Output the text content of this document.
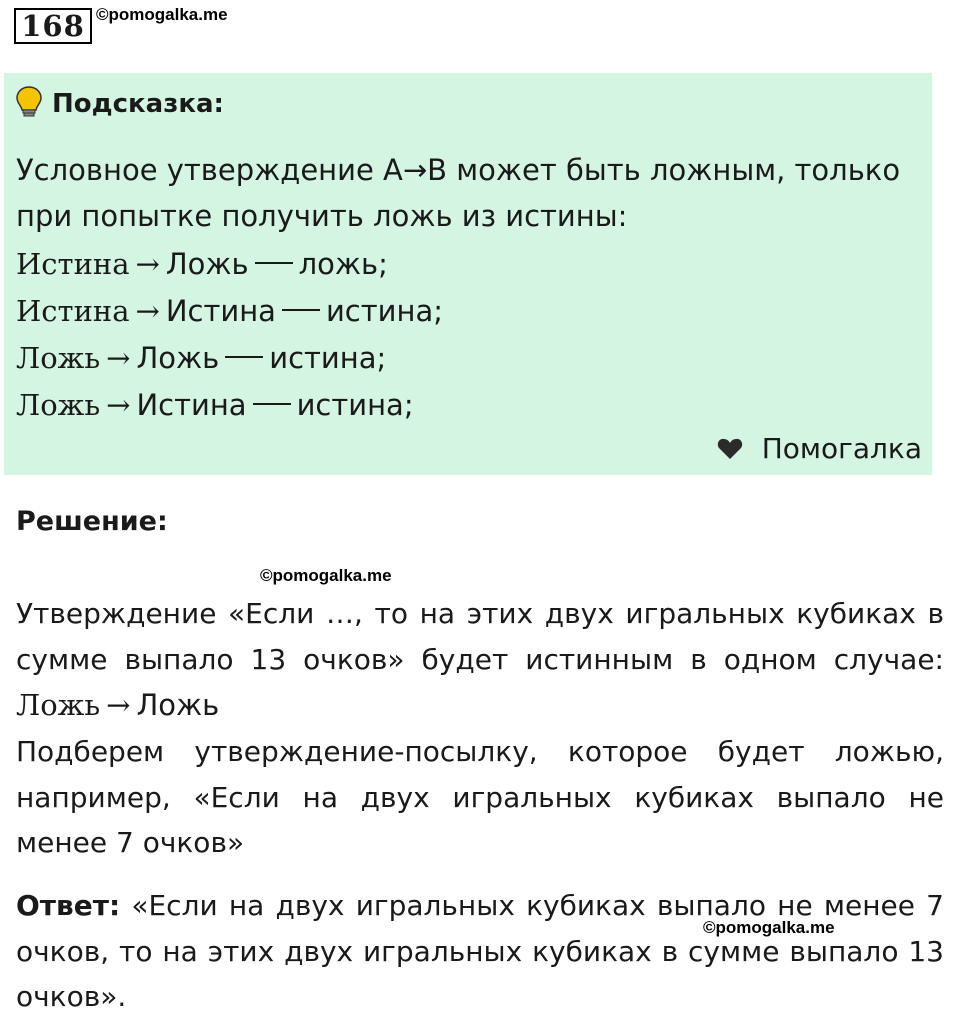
168 ©pomogalka.me
Подсказка:
Условное утверждение А→В может быть ложным, только
при попытке получить ложь из истины:
Истина → Ложь ложь;
Истина → Истина истина;
Ложь → Ложь истина;
Ложь → Истина истина;
Помогалка
Решение:
©pomogalka.me
Утверждение «Если …, то на этих двух игральных кубиках в
сумме выпало 13 очков» будет истинным в одном случае:
Ложь → Ложь
Подберем утверждение-посылку, которое будет ложью,
например, «Если на двух игральных кубиках выпало не
менее 7 очков»
Ответ: «Если на двух игральных кубиках выпало не менее 7
©pomogalka.me
очков, то на этих двух игральных кубиках в сумме выпало 13
очков».
